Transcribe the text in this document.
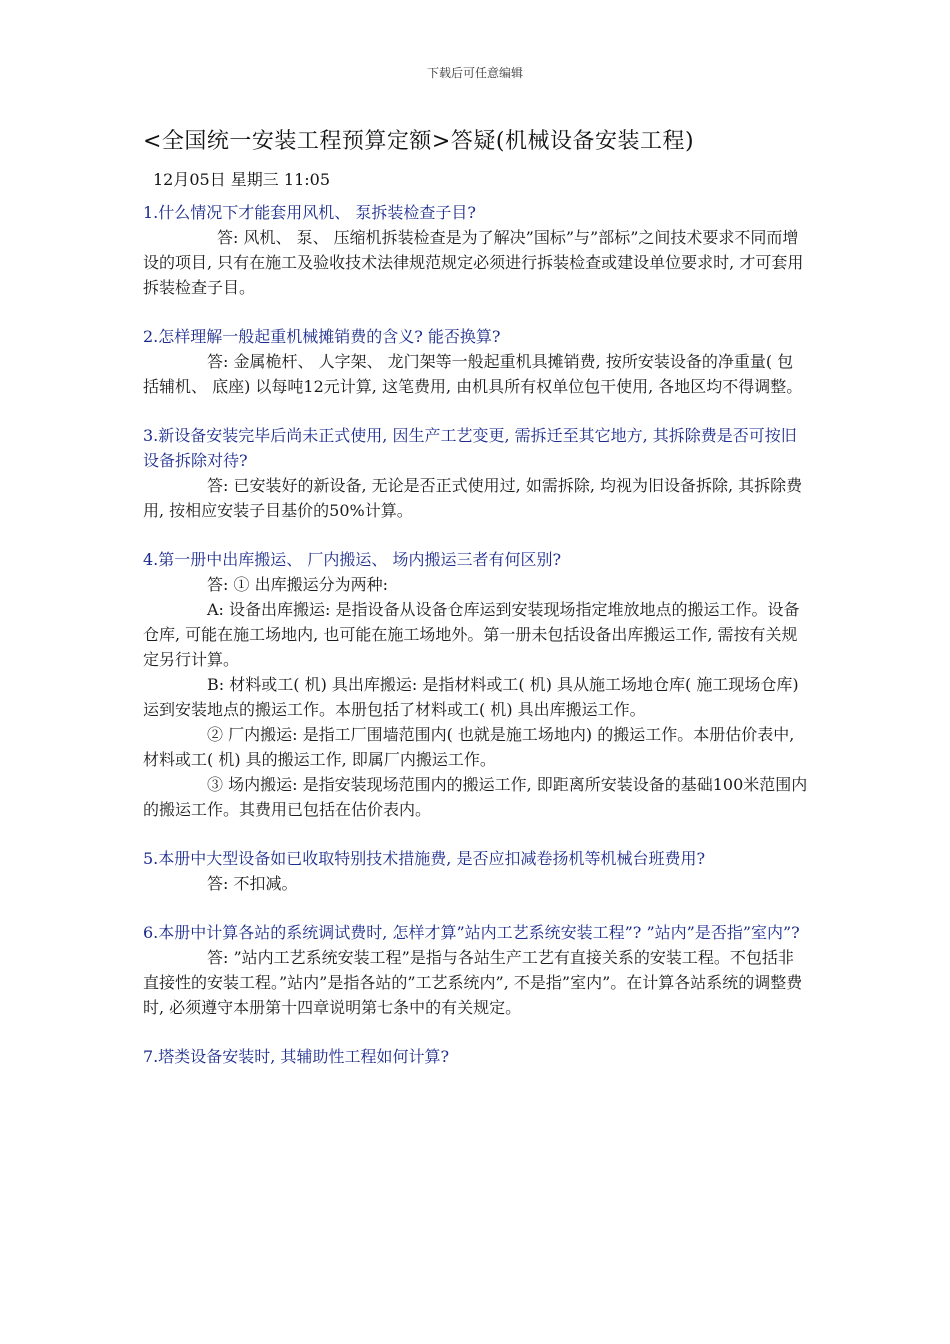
下载后可任意编辑
<全国统一安装工程预算定额>答疑(机械设备安装工程)
12月05日 星期三 11:05

1.什么情况下才能套用风机、 泵拆装检查子目?

答: 风机、 泵、 压缩机拆装检查是为了解决”国标”与”部标”之间技术要求不同而增设的项目, 只有在施工及验收技术法律规范规定必须进行拆装检查或建设单位要求时, 才可套用拆装检查子目。

2.怎样理解一般起重机械摊销费的含义? 能否换算?

答: 金属桅杆、 人字架、 龙门架等一般起重机具摊销费, 按所安装设备的净重量( 包括辅机、 底座) 以每吨12元计算, 这笔费用, 由机具所有权单位包干使用, 各地区均不得调整。

3.新设备安装完毕后尚未正式使用, 因生产工艺变更, 需拆迁至其它地方, 其拆除费是否可按旧设备拆除对待?

答: 已安装好的新设备, 无论是否正式使用过, 如需拆除, 均视为旧设备拆除, 其拆除费用, 按相应安装子目基价的50%计算。

4.第一册中出库搬运、 厂内搬运、 场内搬运三者有何区别?

答: ① 出库搬运分为两种:

A: 设备出库搬运: 是指设备从设备仓库运到安装现场指定堆放地点的搬运工作。设备仓库, 可能在施工场地内, 也可能在施工场地外。第一册未包括设备出库搬运工作, 需按有关规定另行计算。

B: 材料或工( 机) 具出库搬运: 是指材料或工( 机) 具从施工场地仓库( 施工现场仓库) 运到安装地点的搬运工作。本册包括了材料或工( 机) 具出库搬运工作。

② 厂内搬运: 是指工厂围墙范围内( 也就是施工场地内) 的搬运工作。本册估价表中, 材料或工( 机) 具的搬运工作, 即属厂内搬运工作。

③ 场内搬运: 是指安装现场范围内的搬运工作, 即距离所安装设备的基础100米范围内的搬运工作。其费用已包括在估价表内。

5.本册中大型设备如已收取特别技术措施费, 是否应扣减卷扬机等机械台班费用?

答: 不扣减。

6.本册中计算各站的系统调试费时, 怎样才算”站内工艺系统安装工程”? ”站内”是否指”室内”?

答: ”站内工艺系统安装工程”是指与各站生产工艺有直接关系的安装工程。不包括非直接性的安装工程。”站内”是指各站的”工艺系统内”, 不是指”室内”。在计算各站系统的调整费时, 必须遵守本册第十四章说明第七条中的有关规定。

7.塔类设备安装时, 其辅助性工程如何计算?
